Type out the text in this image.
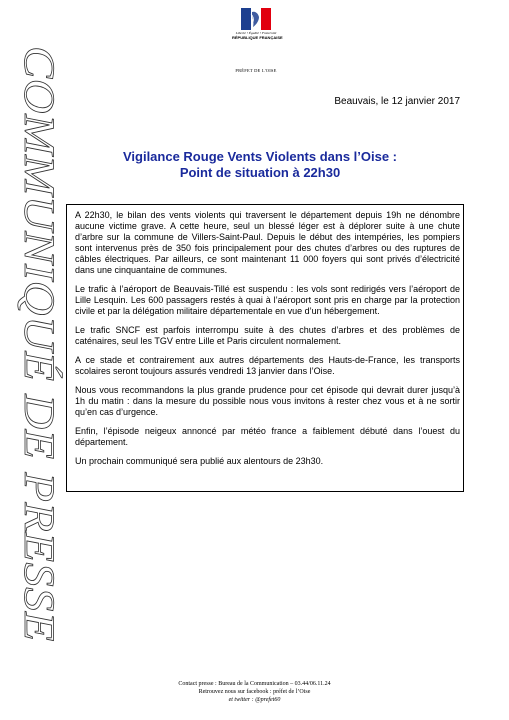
COMMUNIQUÉ DE PRESSE
Liberté • Égalité • Fraternité
RÉPUBLIQUE FRANÇAISE
PRÉFET DE L'OISE
Beauvais, le 12 janvier 2017
Vigilance Rouge Vents Violents dans l’Oise :
Point de situation à 22h30

A 22h30, le bilan des vents violents qui traversent le département depuis 19h ne dénombre aucune victime grave. A cette heure, seul un blessé léger est à déplorer suite à une chute d’arbre sur la commune de Villers-Saint-Paul. Depuis le début des intempéries, les pompiers sont intervenus près de 350 fois principalement pour des chutes d’arbres ou des ruptures de câbles électriques. Par ailleurs, ce sont maintenant 11 000 foyers qui sont privés d’électricité dans une cinquantaine de communes.

Le trafic à l’aéroport de Beauvais-Tillé est suspendu : les vols sont redirigés vers l’aéroport de Lille Lesquin. Les 600 passagers restés à quai à l’aéroport sont pris en charge par la protection civile et par la délégation militaire départementale en vue d’un hébergement.

Le trafic SNCF est parfois interrompu suite à des chutes d’arbres et des problèmes de caténaires, seul les TGV entre Lille et Paris circulent normalement.

A ce stade et contrairement aux autres départements des Hauts-de-France, les transports scolaires seront toujours assurés vendredi 13 janvier dans l’Oise.

Nous vous recommandons la plus grande prudence pour cet épisode qui devrait durer jusqu’à 1h du matin : dans la mesure du possible nous vous invitons à rester chez vous et à ne sortir qu’en cas d’urgence.

Enfin, l’épisode neigeux annoncé par météo france a faiblement débuté dans l’ouest du département.

Un prochain communiqué sera publié aux alentours de 23h30.

Contact presse : Bureau de la Communication – 03.44/06.11.24
Retrouvez nous sur facebook : préfet de l’Oise
et twitter : @prefet60
